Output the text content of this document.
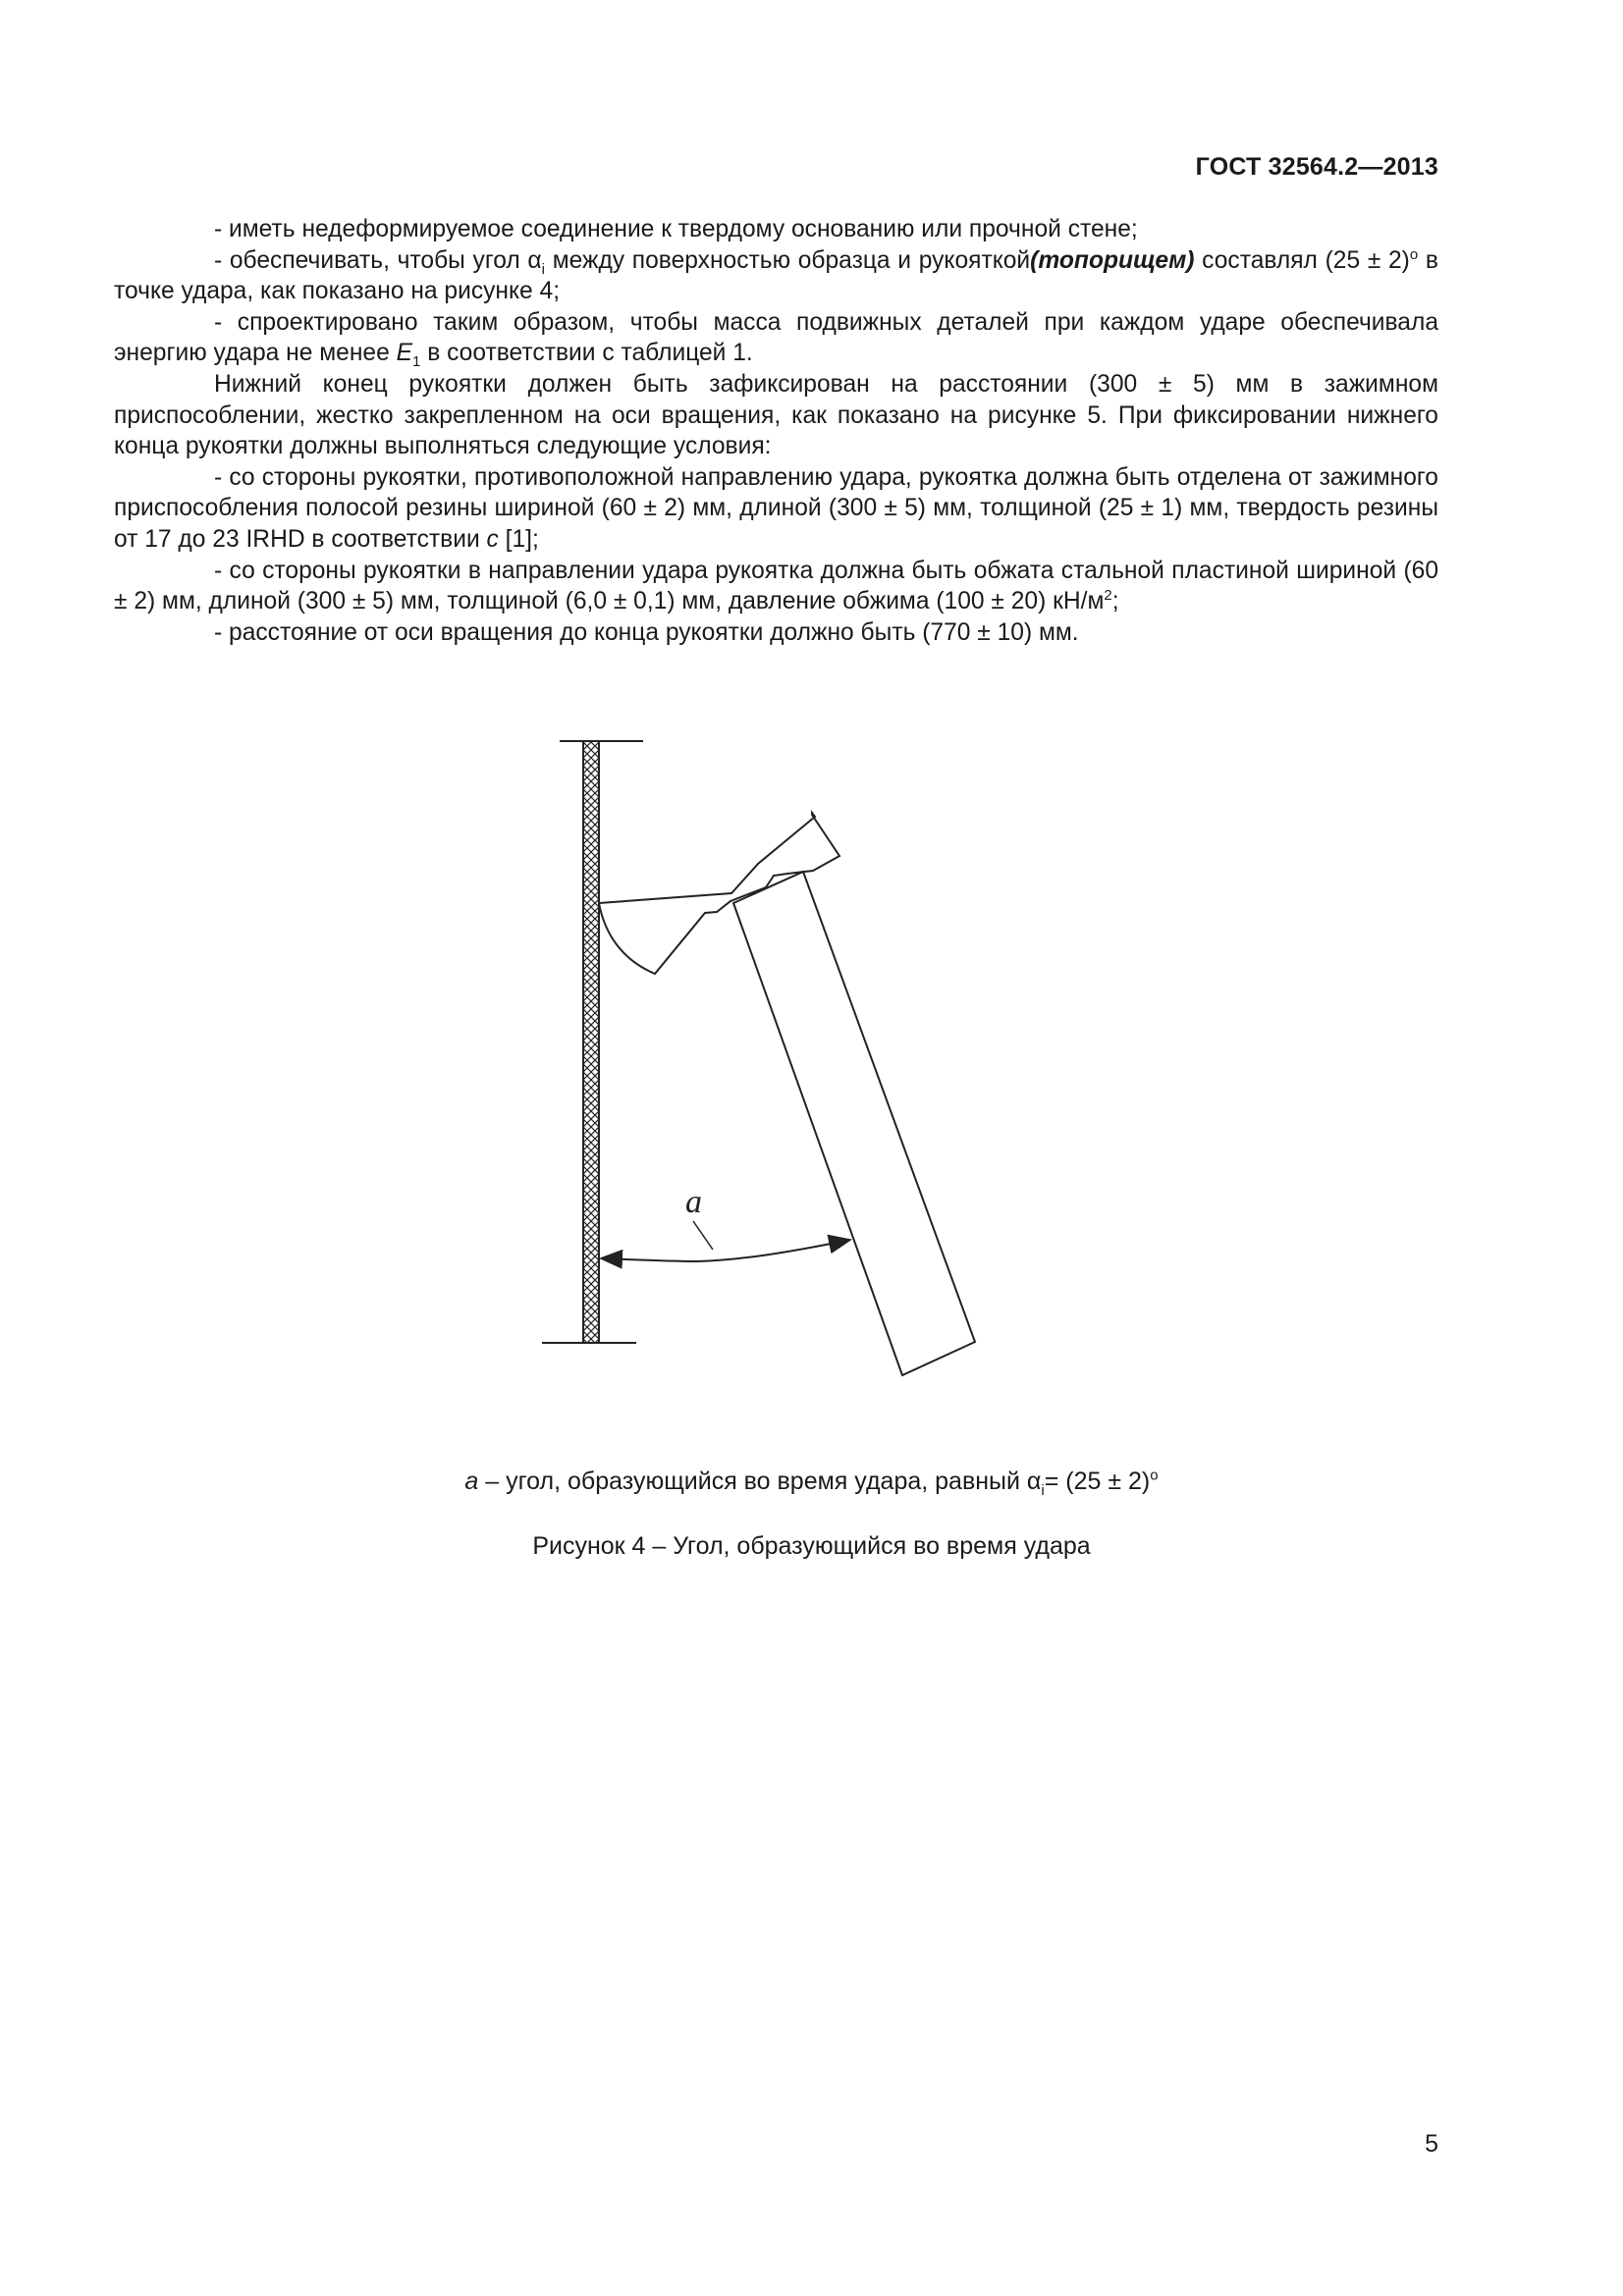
ГОСТ 32564.2—2013

- иметь недеформируемое соединение к твердому основанию или прочной стене;

- обеспечивать, чтобы угол $\alpha_i$ между поверхностью образца и рукояткой(топорищем) составлял $(25 \pm 2)^o$ в точке удара, как показано на рисунке 4;

- спроектировано таким образом, чтобы масса подвижных деталей при каждом ударе обеспечивала энергию удара не менее $E_1$ в соответствии с таблицей 1.

Нижний конец рукоятки должен быть зафиксирован на расстоянии (300 ± 5) мм в зажимном приспособлении, жестко закрепленном на оси вращения, как показано на рисунке 5. При фиксировании нижнего конца рукоятки должны выполняться следующие условия:

- со стороны рукоятки, противоположной направлению удара, рукоятка должна быть отделена от зажимного приспособления полосой резины шириной (60 ± 2) мм, длиной (300 ± 5) мм, толщиной (25 ± 1) мм, твердость резины от 17 до 23 IRHD в соответствии с [1];

- со стороны рукоятки в направлении удара рукоятка должна быть обжата стальной пластиной шириной (60 ± 2) мм, длиной (300 ± 5) мм, толщиной (6,0 ± 0,1) мм, давление обжима (100 ± 20) $кН/м^2$;

- расстояние от оси вращения до конца рукоятки должно быть (770 ± 10) мм.

a
a – угол, образующийся во время удара, равный $\alpha_i= (25 \pm 2)^o$
Рисунок 4 – Угол, образующийся во время удара
5
